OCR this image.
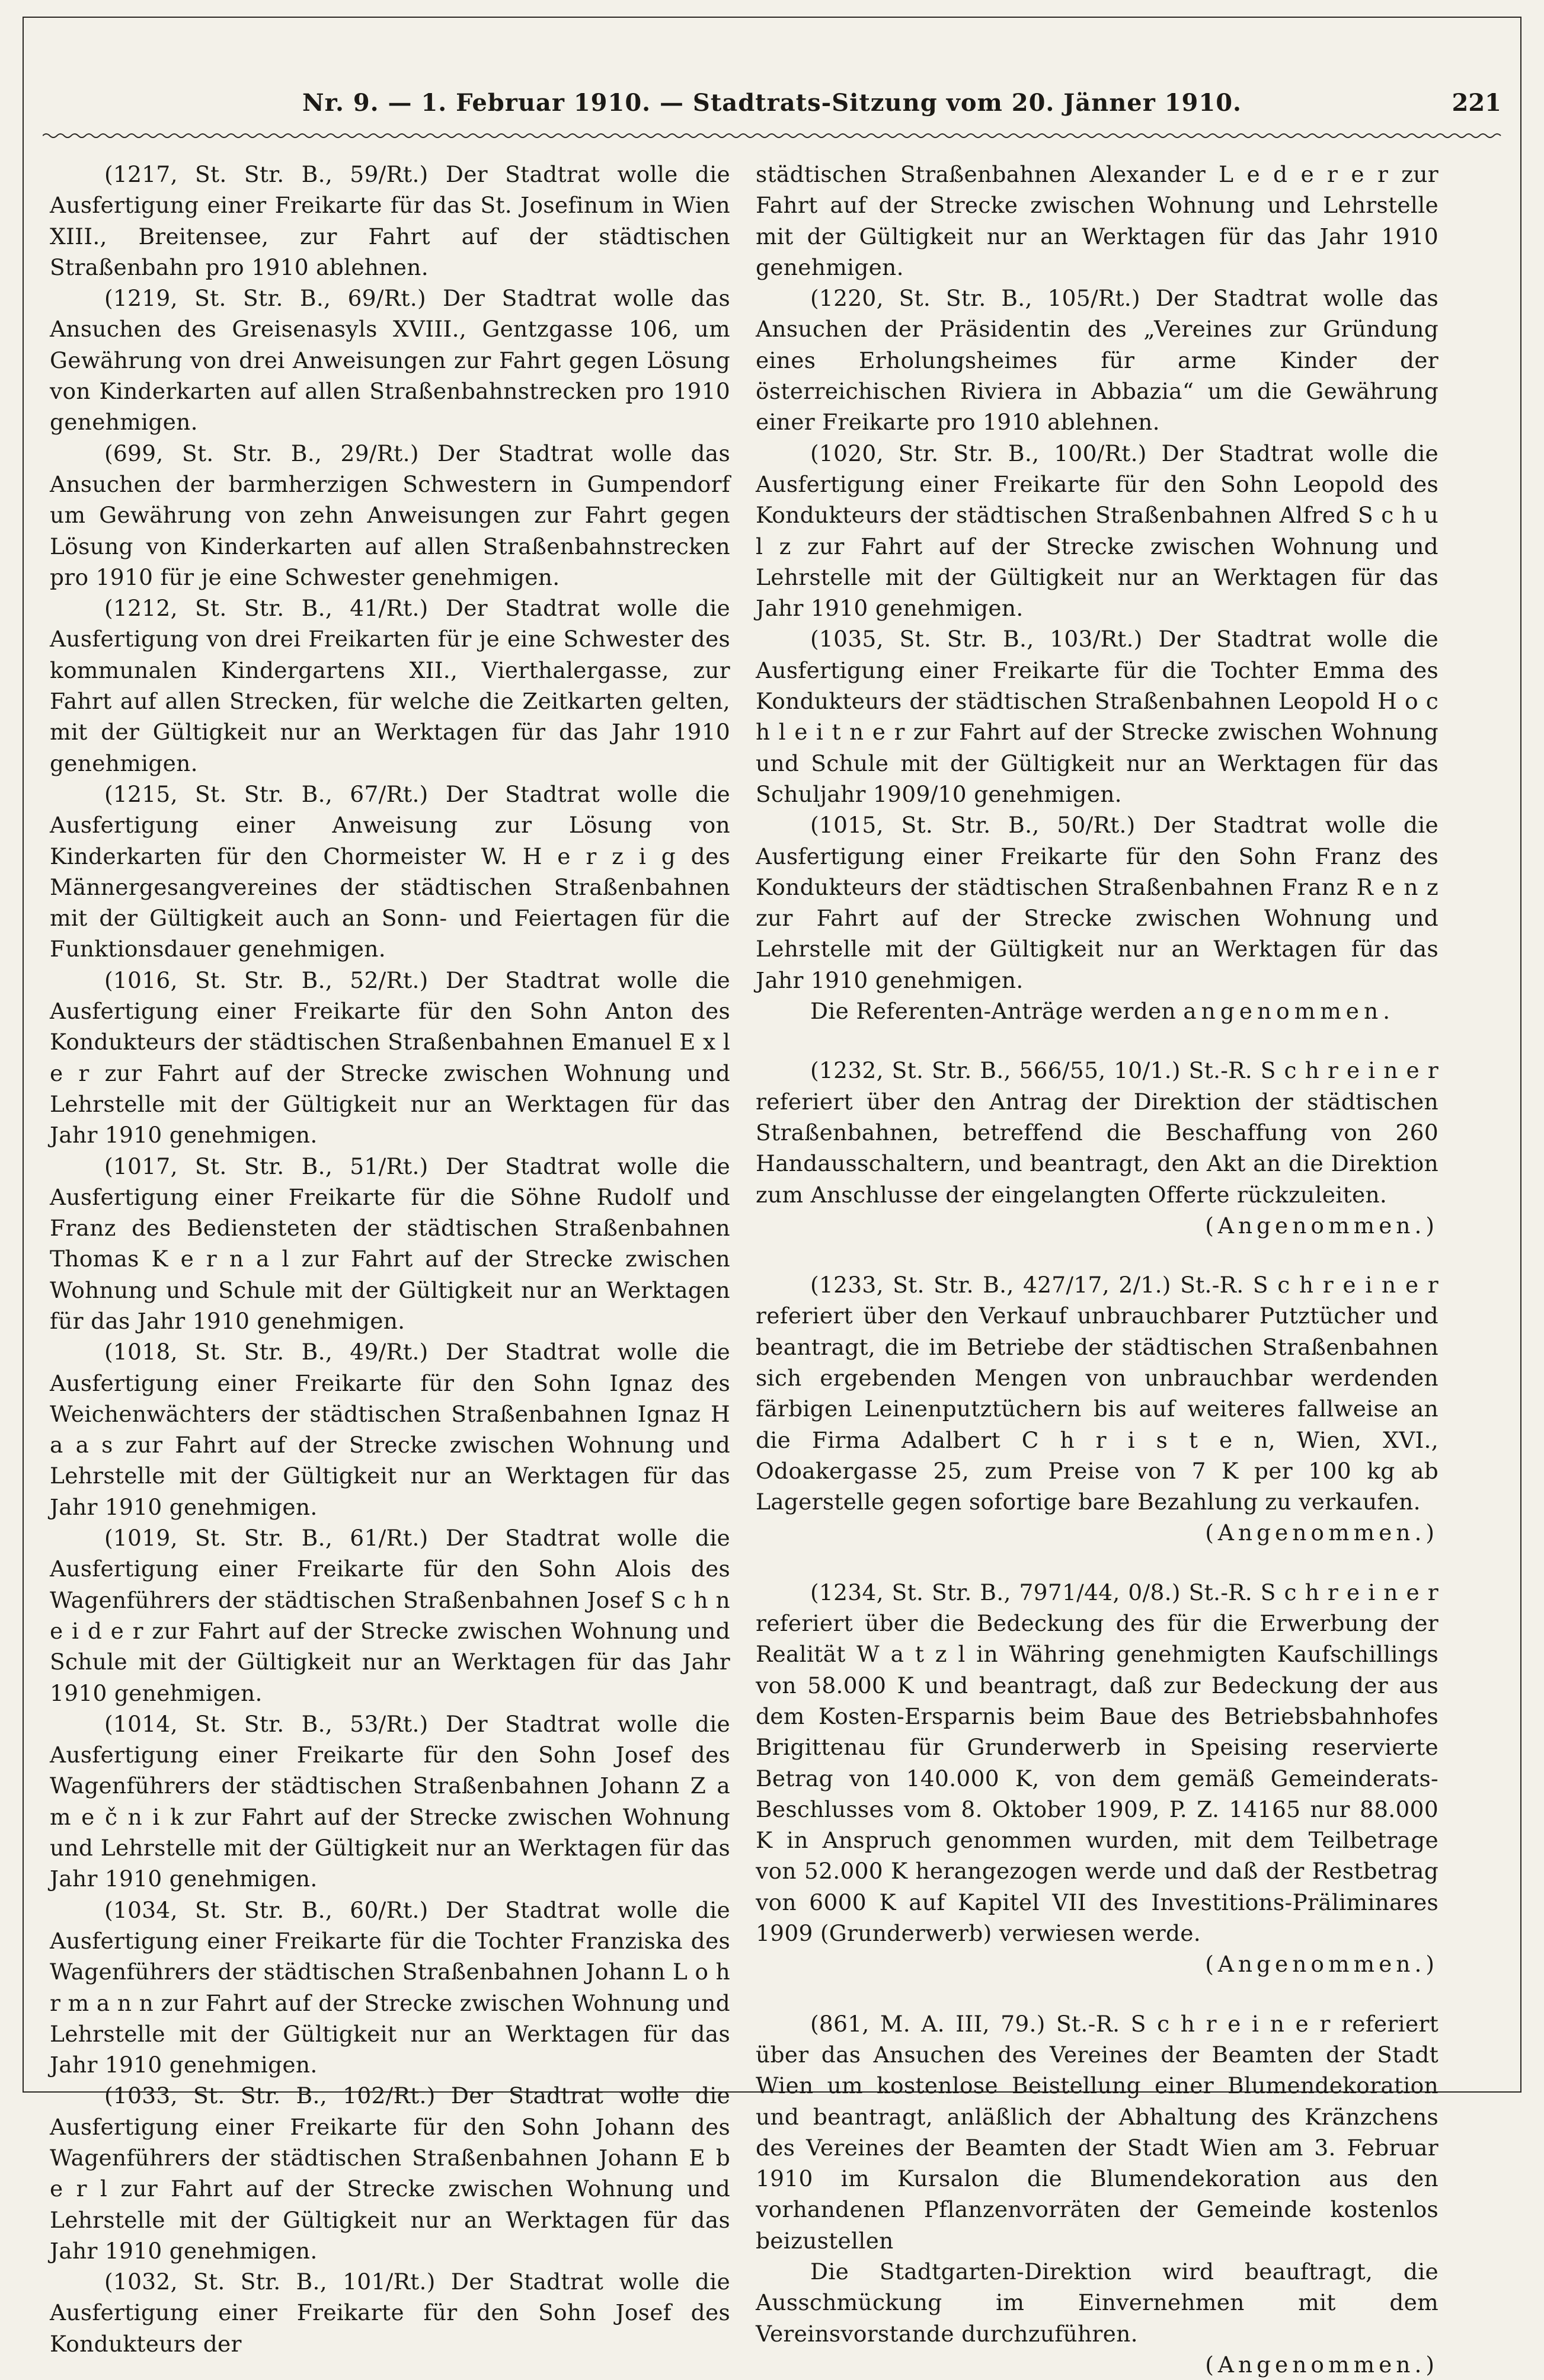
Nr. 9. — 1. Februar 1910. — Stadtrats-Sitzung vom 20. Jänner 1910.	221

(1217, St. Str. B., 59/Rt.) Der Stadtrat wolle die Ausfertigung einer Freikarte für das St. Josefinum in Wien XIII., Breitensee, zur Fahrt auf der städtischen Straßenbahn pro 1910 ablehnen.

(1219, St. Str. B., 69/Rt.) Der Stadtrat wolle das Ansuchen des Greisenasyls XVIII., Gentzgasse 106, um Gewährung von drei Anweisungen zur Fahrt gegen Lösung von Kinderkarten auf allen Straßenbahnstrecken pro 1910 genehmigen.

(699, St. Str. B., 29/Rt.) Der Stadtrat wolle das Ansuchen der barmherzigen Schwestern in Gumpendorf um Gewährung von zehn Anweisungen zur Fahrt gegen Lösung von Kinderkarten auf allen Straßenbahnstrecken pro 1910 für je eine Schwester genehmigen.

(1212, St. Str. B., 41/Rt.) Der Stadtrat wolle die Ausfertigung von drei Freikarten für je eine Schwester des kommunalen Kindergartens XII., Vierthalergasse, zur Fahrt auf allen Strecken, für welche die Zeitkarten gelten, mit der Gültigkeit nur an Werktagen für das Jahr 1910 genehmigen.

(1215, St. Str. B., 67/Rt.) Der Stadtrat wolle die Ausfertigung einer Anweisung zur Lösung von Kinderkarten für den Chormeister W. H e r z i g des Männergesangvereines der städtischen Straßenbahnen mit der Gültigkeit auch an Sonn- und Feiertagen für die Funktionsdauer genehmigen.

(1016, St. Str. B., 52/Rt.) Der Stadtrat wolle die Ausfertigung einer Freikarte für den Sohn Anton des Kondukteurs der städtischen Straßenbahnen Emanuel E x l e r zur Fahrt auf der Strecke zwischen Wohnung und Lehrstelle mit der Gültigkeit nur an Werktagen für das Jahr 1910 genehmigen.

(1017, St. Str. B., 51/Rt.) Der Stadtrat wolle die Ausfertigung einer Freikarte für die Söhne Rudolf und Franz des Bediensteten der städtischen Straßenbahnen Thomas K e r n a l zur Fahrt auf der Strecke zwischen Wohnung und Schule mit der Gültigkeit nur an Werktagen für das Jahr 1910 genehmigen.

(1018, St. Str. B., 49/Rt.) Der Stadtrat wolle die Ausfertigung einer Freikarte für den Sohn Ignaz des Weichenwächters der städtischen Straßenbahnen Ignaz H a a s zur Fahrt auf der Strecke zwischen Wohnung und Lehrstelle mit der Gültigkeit nur an Werktagen für das Jahr 1910 genehmigen.

(1019, St. Str. B., 61/Rt.) Der Stadtrat wolle die Ausfertigung einer Freikarte für den Sohn Alois des Wagenführers der städtischen Straßenbahnen Josef S c h n e i d e r zur Fahrt auf der Strecke zwischen Wohnung und Schule mit der Gültigkeit nur an Werktagen für das Jahr 1910 genehmigen.

(1014, St. Str. B., 53/Rt.) Der Stadtrat wolle die Ausfertigung einer Freikarte für den Sohn Josef des Wagenführers der städtischen Straßenbahnen Johann Z a m e č n i k zur Fahrt auf der Strecke zwischen Wohnung und Lehrstelle mit der Gültigkeit nur an Werktagen für das Jahr 1910 genehmigen.

(1034, St. Str. B., 60/Rt.) Der Stadtrat wolle die Ausfertigung einer Freikarte für die Tochter Franziska des Wagenführers der städtischen Straßenbahnen Johann L o h r m a n n zur Fahrt auf der Strecke zwischen Wohnung und Lehrstelle mit der Gültigkeit nur an Werktagen für das Jahr 1910 genehmigen.

(1033, St. Str. B., 102/Rt.) Der Stadtrat wolle die Ausfertigung einer Freikarte für den Sohn Johann des Wagenführers der städtischen Straßenbahnen Johann E b e r l zur Fahrt auf der Strecke zwischen Wohnung und Lehrstelle mit der Gültigkeit nur an Werktagen für das Jahr 1910 genehmigen.

(1032, St. Str. B., 101/Rt.) Der Stadtrat wolle die Ausfertigung einer Freikarte für den Sohn Josef des Kondukteurs der

städtischen Straßenbahnen Alexander L e d e r e r zur Fahrt auf der Strecke zwischen Wohnung und Lehrstelle mit der Gültigkeit nur an Werktagen für das Jahr 1910 genehmigen.

(1220, St. Str. B., 105/Rt.) Der Stadtrat wolle das Ansuchen der Präsidentin des „Vereines zur Gründung eines Erholungsheimes für arme Kinder der österreichischen Riviera in Abbazia“ um die Gewährung einer Freikarte pro 1910 ablehnen.

(1020, Str. Str. B., 100/Rt.) Der Stadtrat wolle die Ausfertigung einer Freikarte für den Sohn Leopold des Kondukteurs der städtischen Straßenbahnen Alfred S c h u l z zur Fahrt auf der Strecke zwischen Wohnung und Lehrstelle mit der Gültigkeit nur an Werktagen für das Jahr 1910 genehmigen.

(1035, St. Str. B., 103/Rt.) Der Stadtrat wolle die Ausfertigung einer Freikarte für die Tochter Emma des Kondukteurs der städtischen Straßenbahnen Leopold H o c h l e i t n e r zur Fahrt auf der Strecke zwischen Wohnung und Schule mit der Gültigkeit nur an Werktagen für das Schuljahr 1909/10 genehmigen.

(1015, St. Str. B., 50/Rt.) Der Stadtrat wolle die Ausfertigung einer Freikarte für den Sohn Franz des Kondukteurs der städtischen Straßenbahnen Franz R e n z zur Fahrt auf der Strecke zwischen Wohnung und Lehrstelle mit der Gültigkeit nur an Werktagen für das Jahr 1910 genehmigen.

Die Referenten-Anträge werden angenommen.

(1232, St. Str. B., 566/55, 10/1.) St.-R. S c h r e i n e r referiert über den Antrag der Direktion der städtischen Straßenbahnen, betreffend die Beschaffung von 260 Handausschaltern, und beantragt, den Akt an die Direktion zum Anschlusse der eingelangten Offerte rückzuleiten.

(Angenommen.)

(1233, St. Str. B., 427/17, 2/1.) St.-R. S c h r e i n e r referiert über den Verkauf unbrauchbarer Putztücher und beantragt, die im Betriebe der städtischen Straßenbahnen sich ergebenden Mengen von unbrauchbar werdenden färbigen Leinenputztüchern bis auf weiteres fallweise an die Firma Adalbert C h r i s t e n, Wien, XVI., Odoakergasse 25, zum Preise von 7 K per 100 kg ab Lagerstelle gegen sofortige bare Bezahlung zu verkaufen.

(Angenommen.)

(1234, St. Str. B., 7971/44, 0/8.) St.-R. S c h r e i n e r referiert über die Bedeckung des für die Erwerbung der Realität W a t z l in Währing genehmigten Kaufschillings von 58.000 K und beantragt, daß zur Bedeckung der aus dem Kosten-Ersparnis beim Baue des Betriebsbahnhofes Brigittenau für Grunderwerb in Speising reservierte Betrag von 140.000 K, von dem gemäß Gemeinderats-Beschlusses vom 8. Oktober 1909, P. Z. 14165 nur 88.000 K in Anspruch genommen wurden, mit dem Teilbetrage von 52.000 K herangezogen werde und daß der Restbetrag von 6000 K auf Kapitel VII des Investitions-Präliminares 1909 (Grunderwerb) verwiesen werde.

(Angenommen.)

(861, M. A. III, 79.) St.-R. S c h r e i n e r referiert über das Ansuchen des Vereines der Beamten der Stadt Wien um kostenlose Beistellung einer Blumendekoration und beantragt, anläßlich der Abhaltung des Kränzchens des Vereines der Beamten der Stadt Wien am 3. Februar 1910 im Kursalon die Blumendekoration aus den vorhandenen Pflanzenvorräten der Gemeinde kostenlos beizustellen

Die Stadtgarten-Direktion wird beauftragt, die Ausschmückung im Einvernehmen mit dem Vereinsvorstande durchzuführen.

(Angenommen.)
